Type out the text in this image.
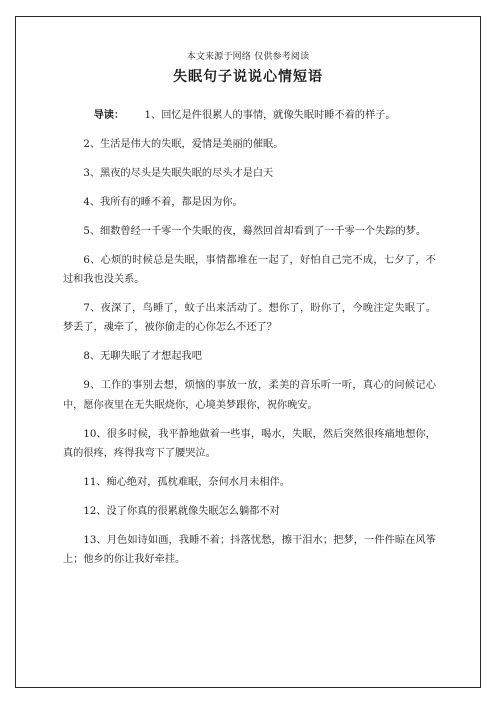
本文来源于网络 仅供参考阅读
失眠句子说说心情短语

导读： 1、回忆是件很累人的事情，就像失眠时睡不着的样子。

2、生活是伟大的失眠，爱情是美丽的催眠。

3、黑夜的尽头是失眠失眠的尽头才是白天

4、我所有的睡不着，都是因为你。

5、细数曾经一千零一个失眠的夜，蓦然回首却看到了一千零一个失踪的梦。

6、心烦的时候总是失眠，事情都堆在一起了，好怕自己完不成，七夕了，不过和我也没关系。

7、夜深了，鸟睡了，蚊子出来活动了。想你了，盼你了，今晚注定失眠了。梦丢了，魂牵了，被你偷走的心你怎么不还了？

8、无聊失眠了才想起我吧

9、工作的事别去想，烦恼的事放一放，柔美的音乐听一听，真心的问候记心中，愿你夜里在无失眠烧你，心境美梦跟你，祝你晚安。

10、很多时候，我平静地做着一些事，喝水，失眠，然后突然很疼痛地想你，真的很疼，疼得我弯下了腰哭泣。

11、痴心绝对，孤枕难眠，奈何水月未相伴。

12、没了你真的很累就像失眠怎么躺都不对

13、月色如诗如画，我睡不着；抖落忧愁，擦干泪水；把梦，一件件晾在风筝上；他乡的你让我好牵挂。
